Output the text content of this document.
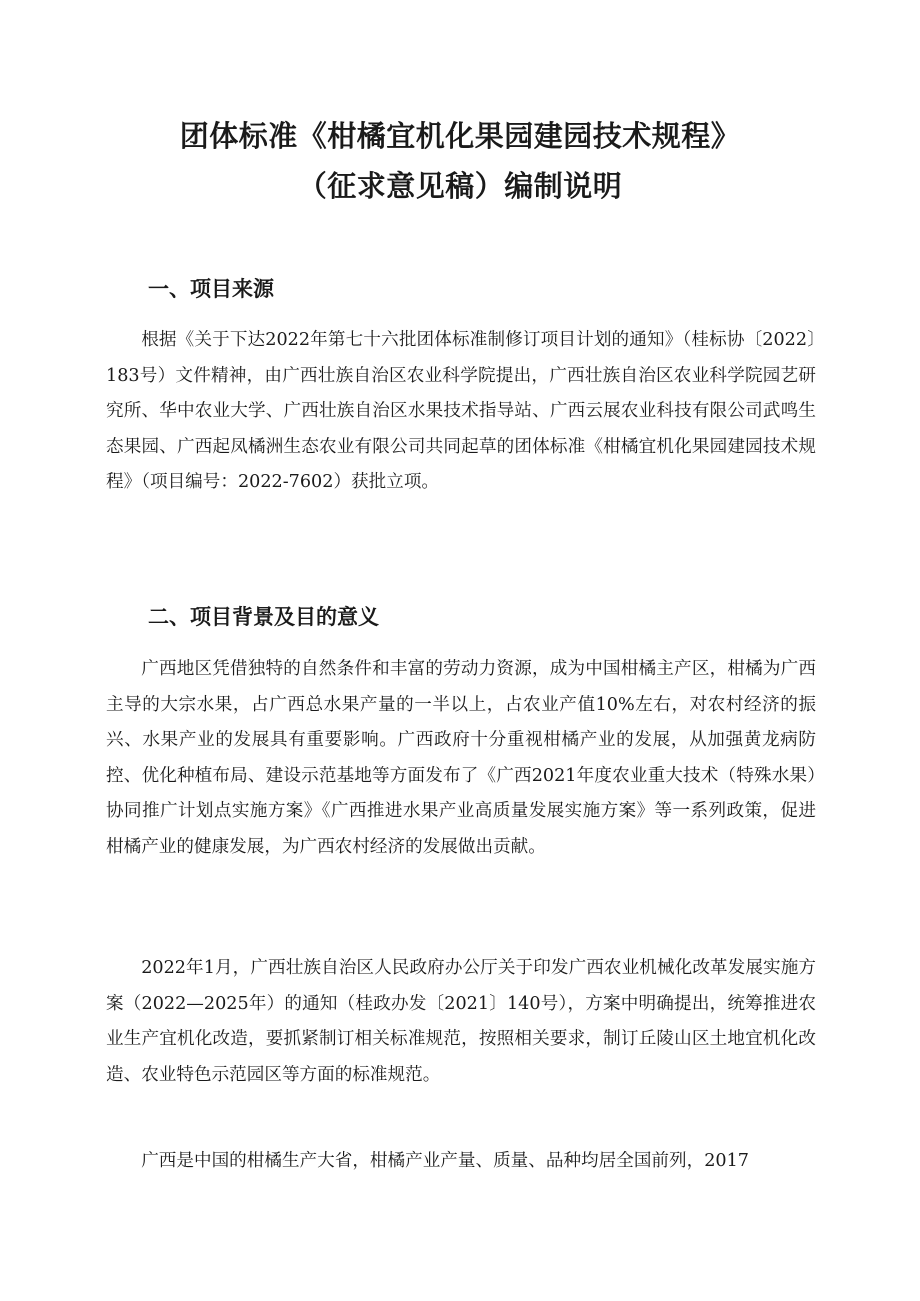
团体标准《柑橘宜机化果园建园技术规程》
（征求意见稿）编制说明
一、项目来源

根据《关于下达2022年第七十六批团体标准制修订项目计划的通知》（桂标协〔2022〕183号）文件精神，由广西壮族自治区农业科学院提出，广西壮族自治区农业科学院园艺研究所、华中农业大学、广西壮族自治区水果技术指导站、广西云展农业科技有限公司武鸣生态果园、广西起凤橘洲生态农业有限公司共同起草的团体标准《柑橘宜机化果园建园技术规程》（项目编号：2022-7602）获批立项。

二、项目背景及目的意义

广西地区凭借独特的自然条件和丰富的劳动力资源，成为中国柑橘主产区，柑橘为广西主导的大宗水果，占广西总水果产量的一半以上，占农业产值10%左右，对农村经济的振兴、水果产业的发展具有重要影响。广西政府十分重视柑橘产业的发展，从加强黄龙病防控、优化种植布局、建设示范基地等方面发布了《广西2021年度农业重大技术（特殊水果）协同推广计划点实施方案》《广西推进水果产业高质量发展实施方案》等一系列政策，促进柑橘产业的健康发展，为广西农村经济的发展做出贡献。

2022年1月，广西壮族自治区人民政府办公厅关于印发广西农业机械化改革发展实施方案（2022—2025年）的通知（桂政办发〔2021〕140号），方案中明确提出，统筹推进农业生产宜机化改造，要抓紧制订相关标准规范，按照相关要求，制订丘陵山区土地宜机化改造、农业特色示范园区等方面的标准规范。

广西是中国的柑橘生产大省，柑橘产业产量、质量、品种均居全国前列，2017
